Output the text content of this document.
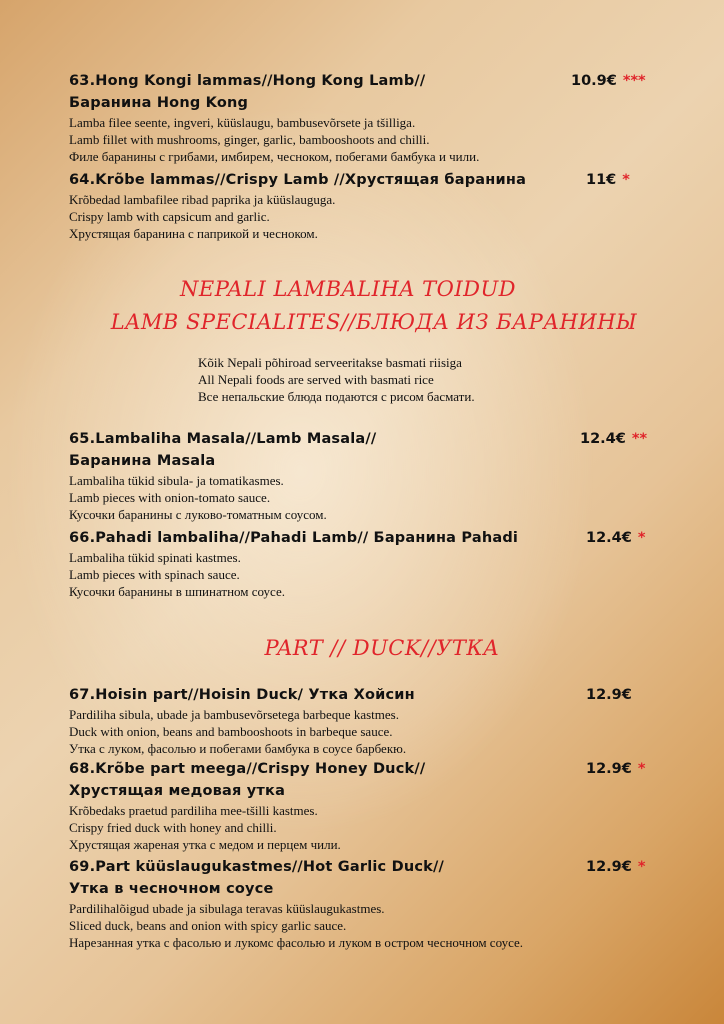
63.Hong Kongi lammas//Hong Kong Lamb//	10.9€ ***
Баранина Hong Kong
Lamba filee seente, ingveri, küüslaugu, bambusevõrsete ja tšilliga.
Lamb fillet with mushrooms, ginger, garlic, bambooshoots and chilli.
Филе баранины с грибами, имбирем, чесноком, побегами бамбука и чили.
64.Krõbe lammas//Crispy Lamb //Хрустящая баранина	11€ *
Krõbedad lambafilee ribad paprika ja küüslauguga.
Crispy lamb with capsicum and garlic.
Хрустящая баранина с паприкой и чесноком.
NEPALI LAMBALIHA TOIDUD
LAMB SPECIALITES//БЛЮДА ИЗ БАРАНИНЫ
Kõik Nepali põhiroad serveeritakse basmati riisiga
All Nepali foods are served with basmati rice
Все непальские блюда подаются с рисом басмати.
65.Lambaliha Masala//Lamb Masala//	12.4€ **
Баранина Masala
Lambaliha tükid sibula- ja tomatikasmes.
Lamb pieces with onion-tomato sauce.
Кусочки баранины с луково-томатным соусом.
66.Pahadi lambaliha//Pahadi Lamb// Баранина Pahadi	12.4€ *
Lambaliha tükid spinati kastmes.
Lamb pieces with spinach sauce.
Кусочки баранины в шпинатном соусе.
PART // DUCK//УТКА
67.Hoisin part//Hoisin Duck/ Утка Хойсин	12.9€
Pardiliha sibula, ubade ja bambusevõrsetega barbeque kastmes.
Duck with onion, beans and bambooshoots in barbeque sauce.
Утка с луком, фасолью и побегами бамбука в соусе барбекю.
68.Krõbe part meega//Crispy Honey Duck//	12.9€ *
Хрустящая медовая утка
Krõbedaks praetud pardiliha mee-tšilli kastmes.
Crispy fried duck with honey and chilli.
Хрустящая жареная утка с медом и перцем чили.
69.Part küüslaugukastmes//Hot Garlic Duck//	12.9€ *
Утка в чесночном соусе
Pardilihalõigud ubade ja sibulaga teravas küüslaugukastmes.
Sliced duck, beans and onion with spicy garlic sauce.
Нарезанная утка с фасолью и лукомс фасолью и луком в остром чесночном соусе.
